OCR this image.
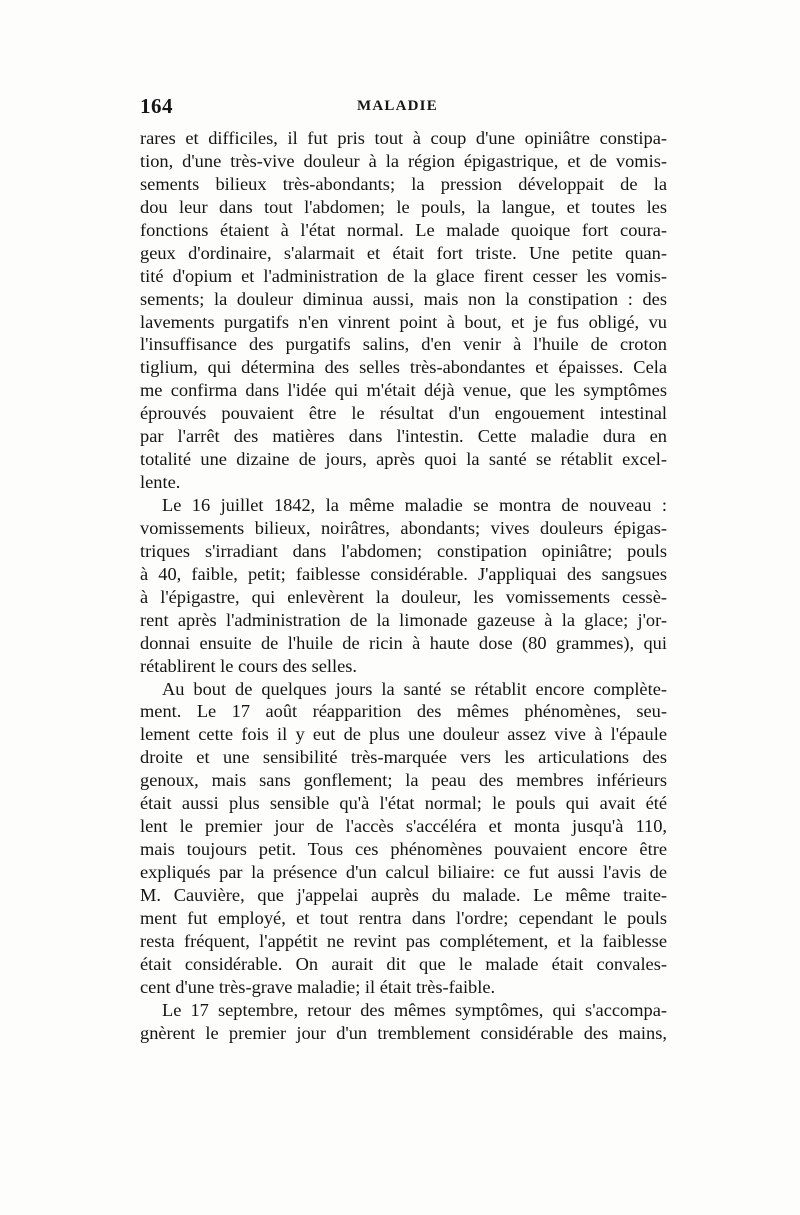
164	MALADIE
rares et difficiles, il fut pris tout à coup d'une opiniâtre constipa-
tion, d'une très-vive douleur à la région épigastrique, et de vomis-
sements bilieux très-abondants; la pression développait de la
dou leur dans tout l'abdomen; le pouls, la langue, et toutes les
fonctions étaient à l'état normal. Le malade quoique fort coura-
geux d'ordinaire, s'alarmait et était fort triste. Une petite quan-
tité d'opium et l'administration de la glace firent cesser les vomis-
sements; la douleur diminua aussi, mais non la constipation : des
lavements purgatifs n'en vinrent point à bout, et je fus obligé, vu
l'insuffisance des purgatifs salins, d'en venir à l'huile de croton
tiglium, qui détermina des selles très-abondantes et épaisses. Cela
me confirma dans l'idée qui m'était déjà venue, que les symptômes
éprouvés pouvaient être le résultat d'un engouement intestinal
par l'arrêt des matières dans l'intestin. Cette maladie dura en
totalité une dizaine de jours, après quoi la santé se rétablit excel-
lente.
Le 16 juillet 1842, la même maladie se montra de nouveau :
vomissements bilieux, noirâtres, abondants; vives douleurs épigas-
triques s'irradiant dans l'abdomen; constipation opiniâtre; pouls
à 40, faible, petit; faiblesse considérable. J'appliquai des sangsues
à l'épigastre, qui enlevèrent la douleur, les vomissements cessè-
rent après l'administration de la limonade gazeuse à la glace; j'or-
donnai ensuite de l'huile de ricin à haute dose (80 grammes), qui
rétablirent le cours des selles.
Au bout de quelques jours la santé se rétablit encore complète-
ment. Le 17 août réapparition des mêmes phénomènes, seu-
lement cette fois il y eut de plus une douleur assez vive à l'épaule
droite et une sensibilité très-marquée vers les articulations des
genoux, mais sans gonflement; la peau des membres inférieurs
était aussi plus sensible qu'à l'état normal; le pouls qui avait été
lent le premier jour de l'accès s'accéléra et monta jusqu'à 110,
mais toujours petit. Tous ces phénomènes pouvaient encore être
expliqués par la présence d'un calcul biliaire: ce fut aussi l'avis de
M. Cauvière, que j'appelai auprès du malade. Le même traite-
ment fut employé, et tout rentra dans l'ordre; cependant le pouls
resta fréquent, l'appétit ne revint pas complétement, et la faiblesse
était considérable. On aurait dit que le malade était convales-
cent d'une très-grave maladie; il était très-faible.
Le 17 septembre, retour des mêmes symptômes, qui s'accompa-
gnèrent le premier jour d'un tremblement considérable des mains,
